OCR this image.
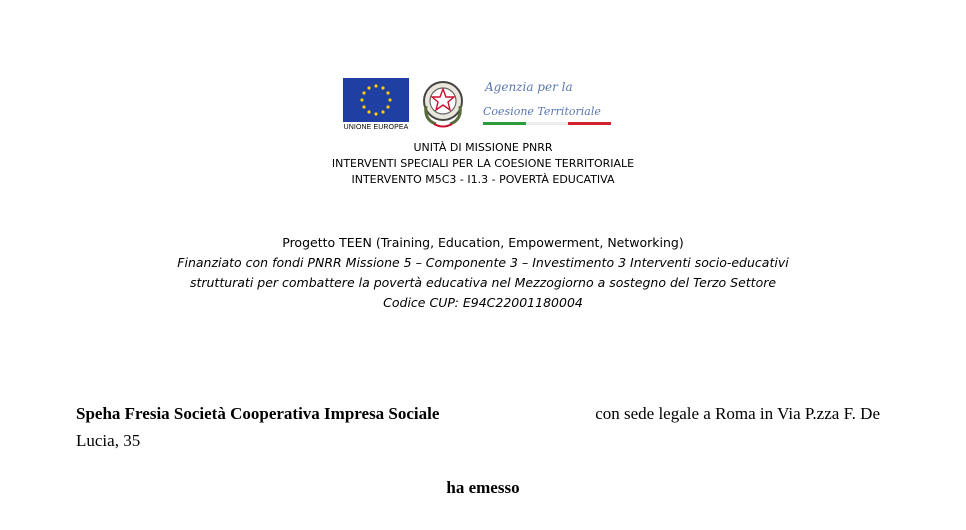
UNIONE EUROPEA
Agenzia per la
Coesione Territoriale
UNITÀ DI MISSIONE PNRR
INTERVENTI SPECIALI PER LA COESIONE TERRITORIALE
INTERVENTO M5C3 - I1.3 - POVERTÀ EDUCATIVA
Progetto TEEN (Training, Education, Empowerment, Networking)
Finanziato con fondi PNRR Missione 5 – Componente 3 – Investimento 3 Interventi socio-educativi
strutturati per combattere la povertà educativa nel Mezzogiorno a sostegno del Terzo Settore
Codice CUP: E94C22001180004
Speha Fresia Società Cooperativa Impresa Sociale	con sede legale a Roma in Via P.zza F. De
Lucia, 35
ha emesso
